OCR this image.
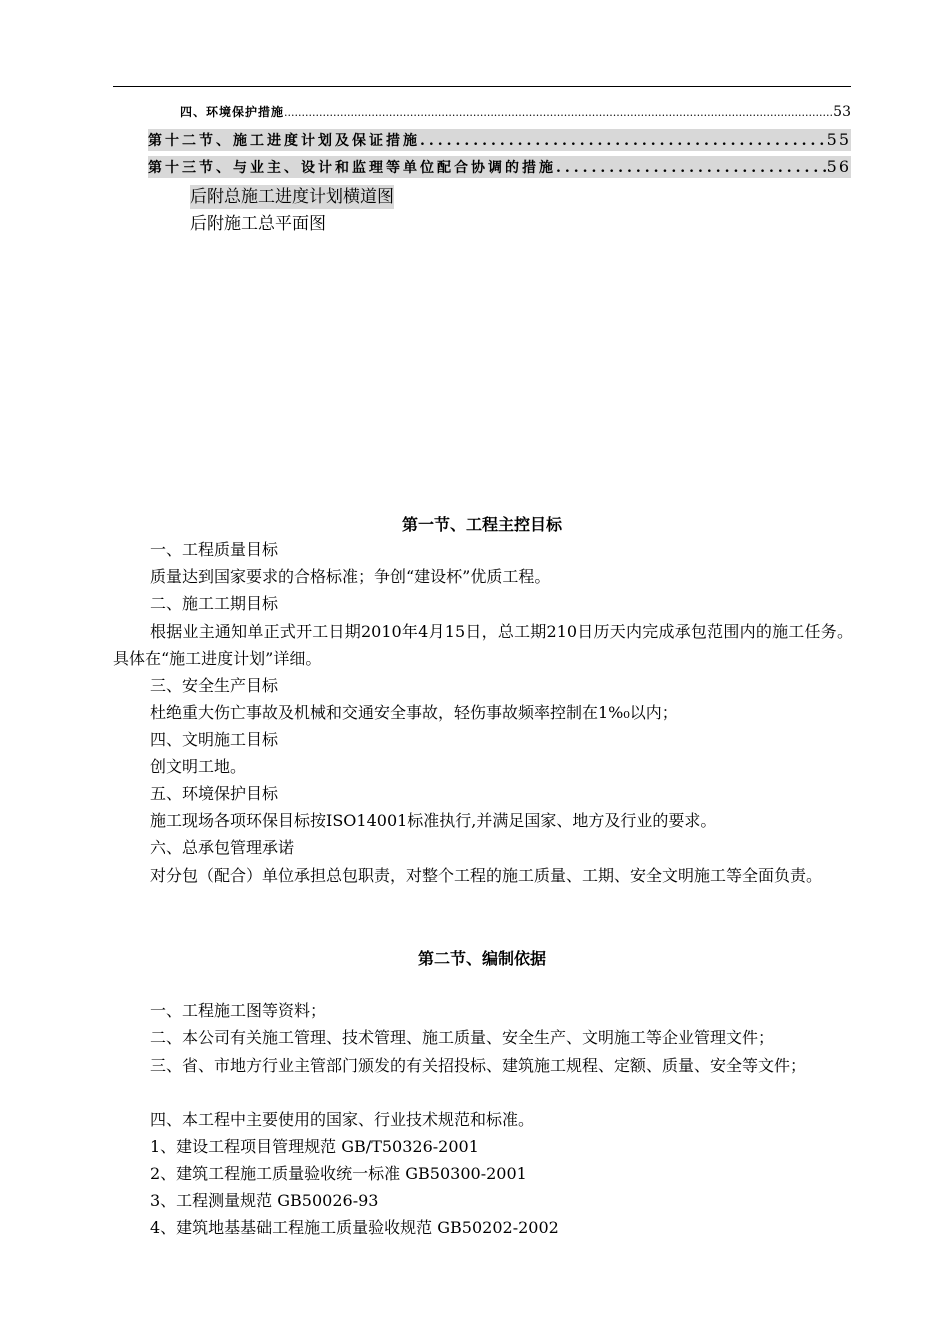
四、环境保护措施 .....	53
第十二节、施工进度计划及保证措施 .....	55
第十三节、与业主、设计和监理等单位配合协调的措施 .....	56
后附总施工进度计划横道图
后附施工总平面图
第一节、工程主控目标
一、工程质量目标
质量达到国家要求的合格标准；争创“建设杯”优质工程。
二、施工工期目标
根据业主通知单正式开工日期2010年4月15日，总工期210日历天内完成承包范围内的施工任务。具体在“施工进度计划”详细。
三、安全生产目标
杜绝重大伤亡事故及机械和交通安全事故，轻伤事故频率控制在1%₀以内；
四、文明施工目标
创文明工地。
五、环境保护目标
施工现场各项环保目标按ISO14001标准执行,并满足国家、地方及行业的要求。
六、总承包管理承诺
对分包（配合）单位承担总包职责，对整个工程的施工质量、工期、安全文明施工等全面负责。
第二节、编制依据
一、工程施工图等资料；
二、本公司有关施工管理、技术管理、施工质量、安全生产、文明施工等企业管理文件；
三、省、市地方行业主管部门颁发的有关招投标、建筑施工规程、定额、质量、安全等文件；
四、本工程中主要使用的国家、行业技术规范和标准。
1、建设工程项目管理规范 GB/T50326-2001
2、建筑工程施工质量验收统一标准 GB50300-2001
3、工程测量规范 GB50026-93
4、建筑地基基础工程施工质量验收规范 GB50202-2002
